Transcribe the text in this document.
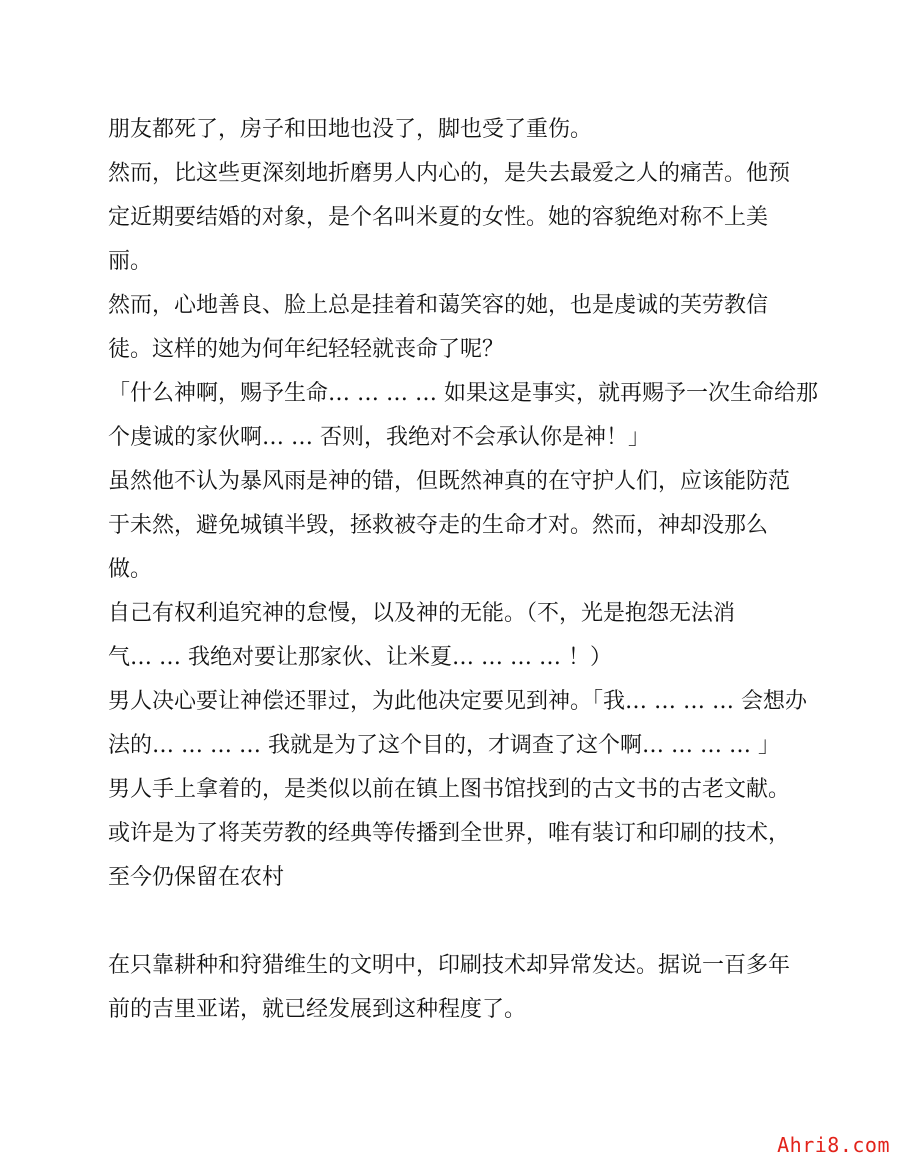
朋友都死了，房子和田地也没了，脚也受了重伤。
然而，比这些更深刻地折磨男人内心的，是失去最爱之人的痛苦。他预
定近期要结婚的对象，是个名叫米夏的女性。她的容貌绝对称不上美
丽。
然而，心地善良、脸上总是挂着和蔼笑容的她，也是虔诚的芙劳教信
徒。这样的她为何年纪轻轻就丧命了呢？
「什么神啊，赐予生命… … … … 如果这是事实，就再赐予一次生命给那
个虔诚的家伙啊… … 否则，我绝对不会承认你是神！」
虽然他不认为暴风雨是神的错，但既然神真的在守护人们，应该能防范
于未然，避免城镇半毁，拯救被夺走的生命才对。然而，神却没那么
做。
自己有权利追究神的怠慢，以及神的无能。（不，光是抱怨无法消
气… … 我绝对要让那家伙、让米夏… … … … ！）
男人决心要让神偿还罪过，为此他决定要见到神。「我… … … … 会想办
法的… … … … 我就是为了这个目的，才调查了这个啊… … … … 」
男人手上拿着的，是类似以前在镇上图书馆找到的古文书的古老文献。
或许是为了将芙劳教的经典等传播到全世界，唯有装订和印刷的技术，
至今仍保留在农村
在只靠耕种和狩猎维生的文明中，印刷技术却异常发达。据说一百多年
前的吉里亚诺，就已经发展到这种程度了。
Ahri8.com
